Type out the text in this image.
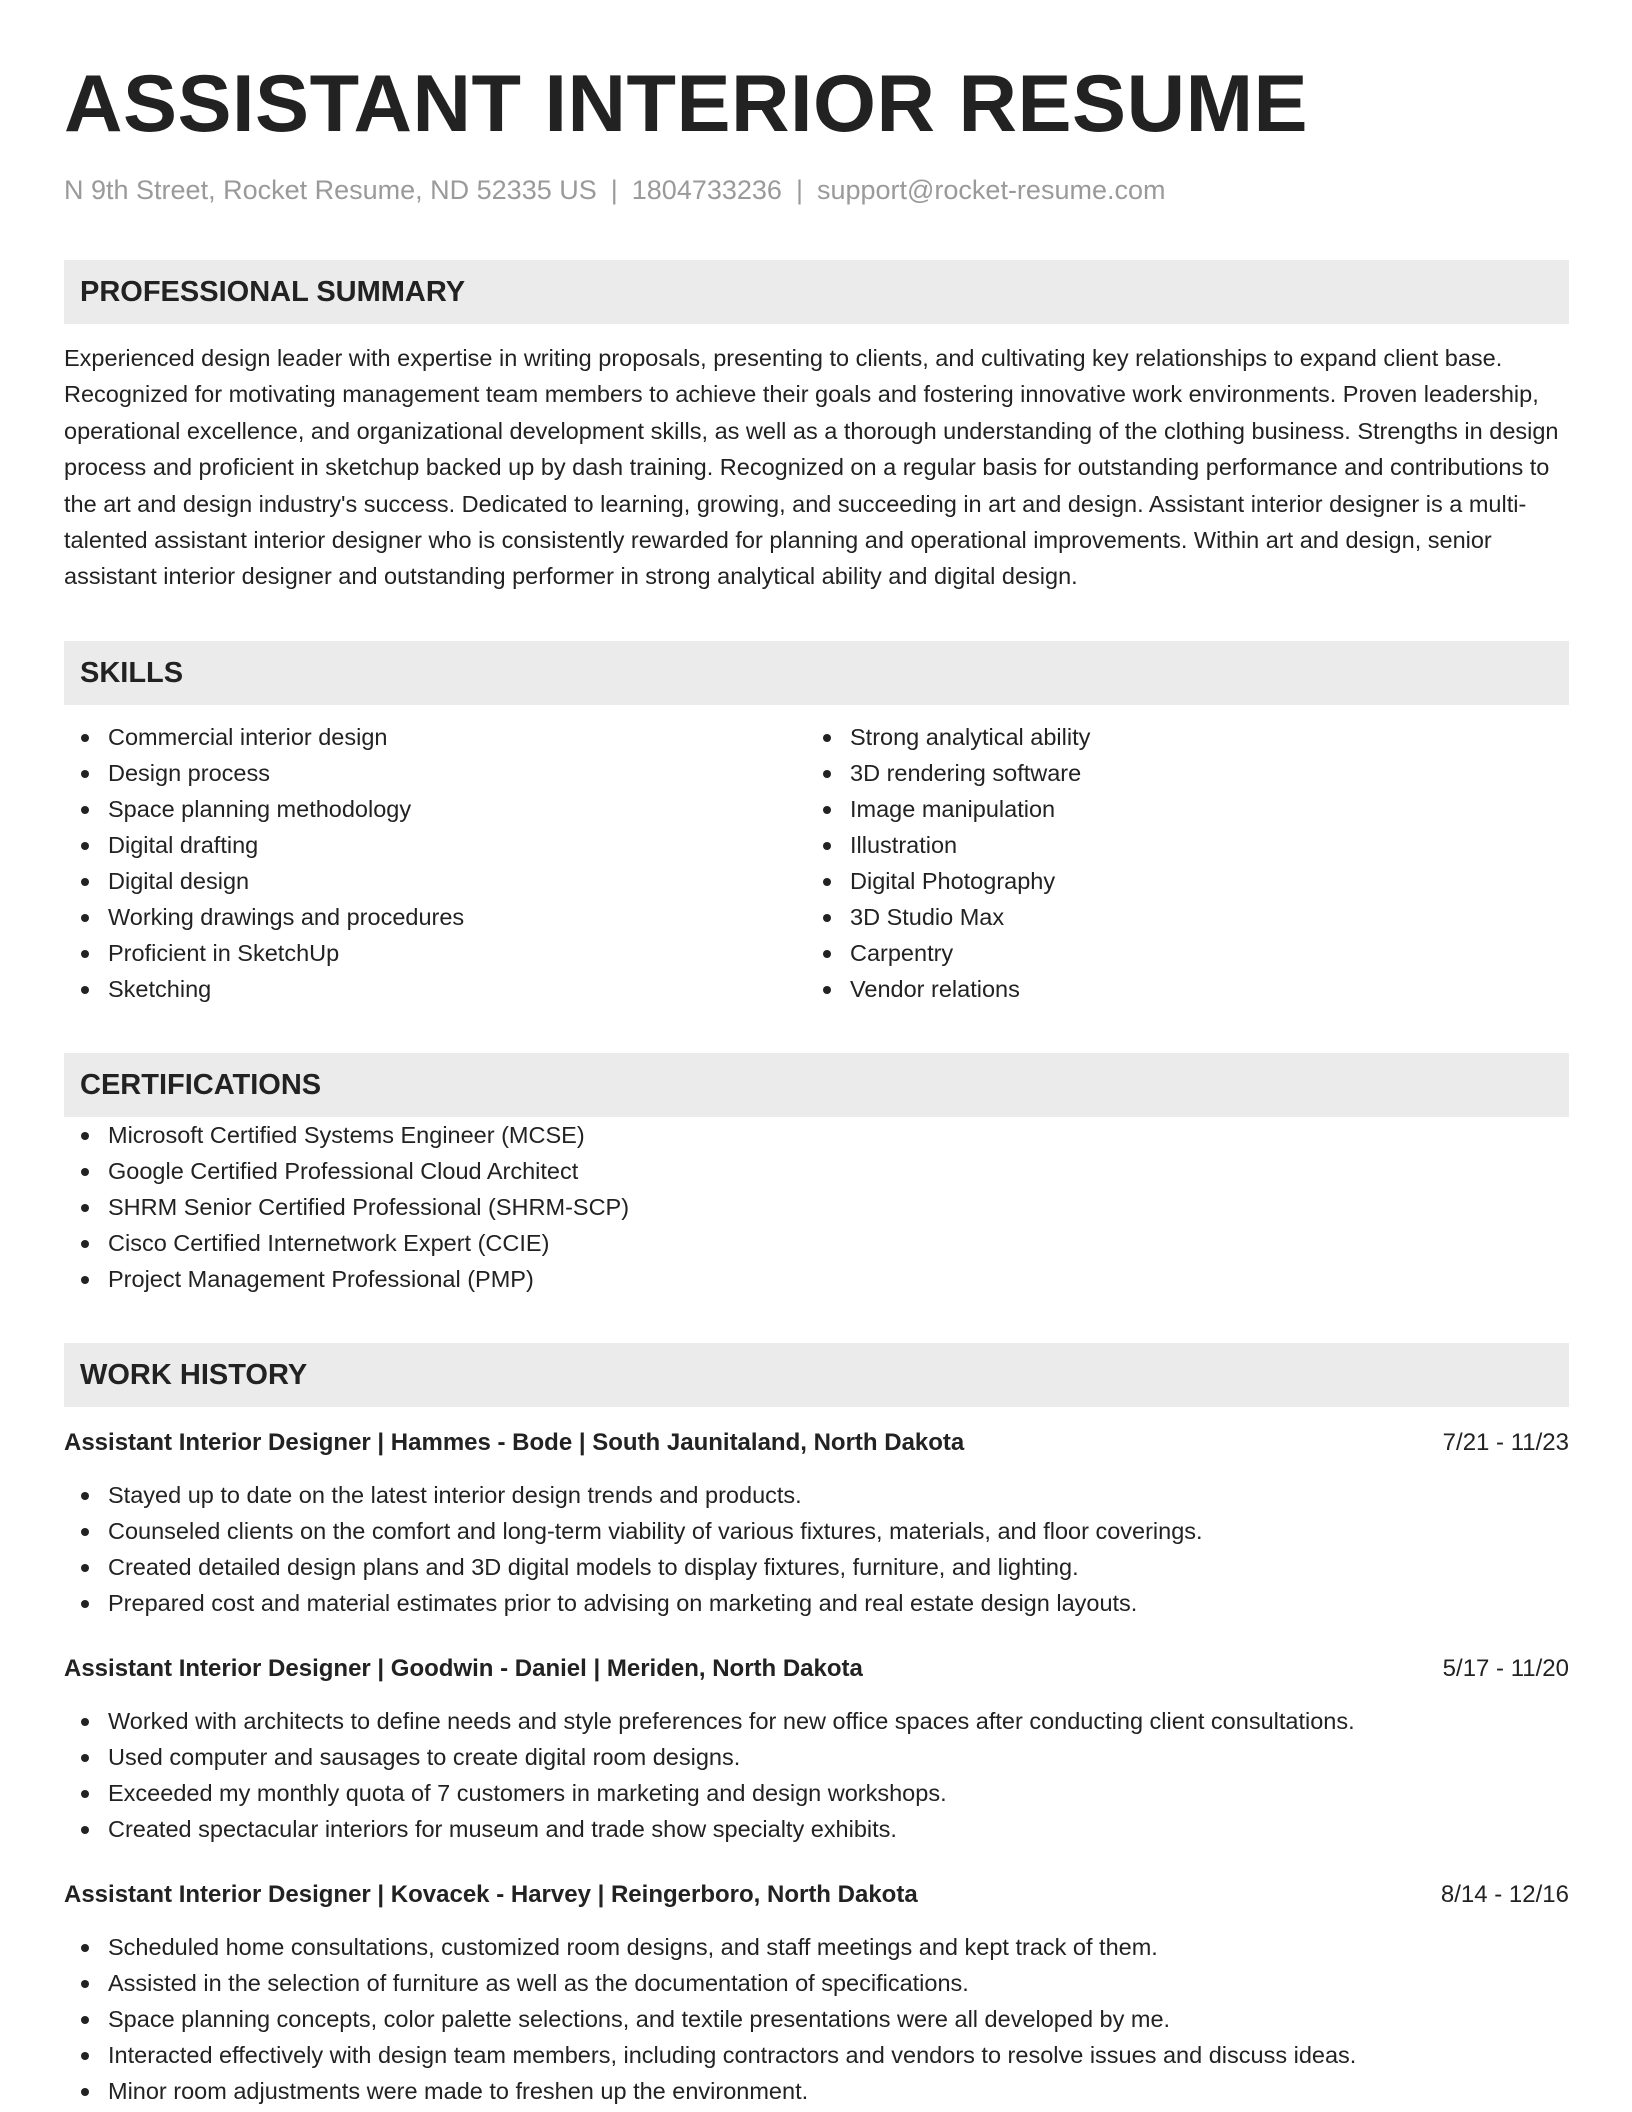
ASSISTANT INTERIOR RESUME
N 9th Street, Rocket Resume, ND 52335 US | 1804733236 | support@rocket-resume.com
PROFESSIONAL SUMMARY

Experienced design leader with expertise in writing proposals, presenting to clients, and cultivating key relationships to expand client base. Recognized for motivating management team members to achieve their goals and fostering innovative work environments. Proven leadership, operational excellence, and organizational development skills, as well as a thorough understanding of the clothing business. Strengths in design process and proficient in sketchup backed up by dash training. Recognized on a regular basis for outstanding performance and contributions to the art and design industry's success. Dedicated to learning, growing, and succeeding in art and design. Assistant interior designer is a multi-talented assistant interior designer who is consistently rewarded for planning and operational improvements. Within art and design, senior assistant interior designer and outstanding performer in strong analytical ability and digital design.

SKILLS
Commercial interior design
Design process
Space planning methodology
Digital drafting
Digital design
Working drawings and procedures
Proficient in SketchUp
Sketching
Strong analytical ability
3D rendering software
Image manipulation
Illustration
Digital Photography
3D Studio Max
Carpentry
Vendor relations
CERTIFICATIONS
Microsoft Certified Systems Engineer (MCSE)
Google Certified Professional Cloud Architect
SHRM Senior Certified Professional (SHRM-SCP)
Cisco Certified Internetwork Expert (CCIE)
Project Management Professional (PMP)
WORK HISTORY
Assistant Interior Designer | Hammes - Bode | South Jaunitaland, North Dakota	7/21 - 11/23
Stayed up to date on the latest interior design trends and products.
Counseled clients on the comfort and long-term viability of various fixtures, materials, and floor coverings.
Created detailed design plans and 3D digital models to display fixtures, furniture, and lighting.
Prepared cost and material estimates prior to advising on marketing and real estate design layouts.
Assistant Interior Designer | Goodwin - Daniel | Meriden, North Dakota	5/17 - 11/20
Worked with architects to define needs and style preferences for new office spaces after conducting client consultations.
Used computer and sausages to create digital room designs.
Exceeded my monthly quota of 7 customers in marketing and design workshops.
Created spectacular interiors for museum and trade show specialty exhibits.
Assistant Interior Designer | Kovacek - Harvey | Reingerboro, North Dakota	8/14 - 12/16
Scheduled home consultations, customized room designs, and staff meetings and kept track of them.
Assisted in the selection of furniture as well as the documentation of specifications.
Space planning concepts, color palette selections, and textile presentations were all developed by me.
Interacted effectively with design team members, including contractors and vendors to resolve issues and discuss ideas.
Minor room adjustments were made to freshen up the environment.
